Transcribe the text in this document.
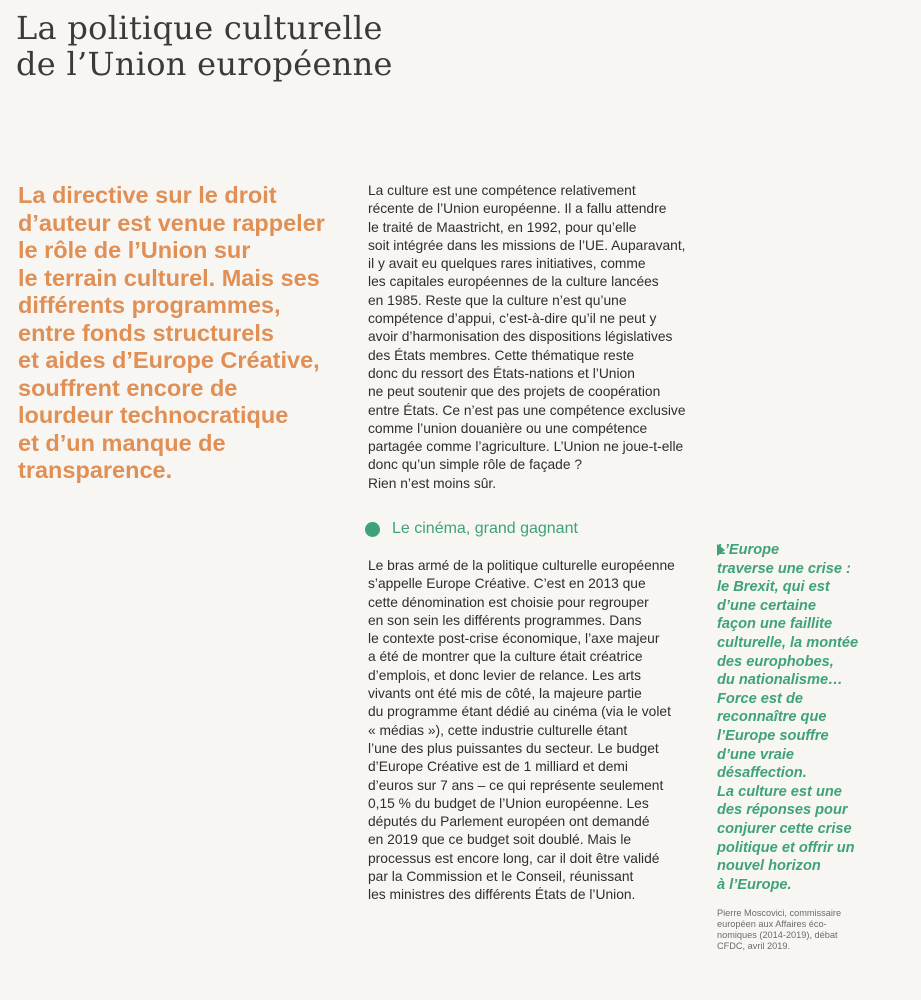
La politique culturelle
de l’Union européenne

La directive sur le droit
d’auteur est venue rappeler
le rôle de l’Union sur
le terrain culturel. Mais ses
différents programmes,
entre fonds structurels
et aides d’Europe Créative,
souffrent encore de
lourdeur technocratique
et d’un manque de
transparence.

La culture est une compétence relativement
récente de l’Union européenne. Il a fallu attendre
le traité de Maastricht, en 1992, pour qu’elle
soit intégrée dans les missions de l’UE. Auparavant,
il y avait eu quelques rares initiatives, comme
les capitales européennes de la culture lancées
en 1985. Reste que la culture n’est qu’une
compétence d’appui, c’est-à-dire qu’il ne peut y
avoir d’harmonisation des dispositions législatives
des États membres. Cette thématique reste
donc du ressort des États-nations et l’Union
ne peut soutenir que des projets de coopération
entre États. Ce n’est pas une compétence exclusive
comme l’union douanière ou une compétence
partagée comme l’agriculture. L’Union ne joue-t-elle
donc qu’un simple rôle de façade ?
Rien n’est moins sûr.

Le cinéma, grand gagnant

Le bras armé de la politique culturelle européenne
s’appelle Europe Créative. C’est en 2013 que
cette dénomination est choisie pour regrouper
en son sein les différents programmes. Dans
le contexte post-crise économique, l’axe majeur
a été de montrer que la culture était créatrice
d’emplois, et donc levier de relance. Les arts
vivants ont été mis de côté, la majeure partie
du programme étant dédié au cinéma (via le volet
« médias »), cette industrie culturelle étant
l’une des plus puissantes du secteur. Le budget
d’Europe Créative est de 1 milliard et demi
d’euros sur 7 ans – ce qui représente seulement
0,15 % du budget de l’Union européenne. Les
députés du Parlement européen ont demandé
en 2019 que ce budget soit doublé. Mais le
processus est encore long, car il doit être validé
par la Commission et le Conseil, réunissant
les ministres des différents États de l’Union.

L’Europe
traverse une crise :
le Brexit, qui est
d’une certaine
façon une faillite
culturelle, la montée
des europhobes,
du nationalisme…
Force est de
reconnaître que
l’Europe souffre
d’une vraie
désaffection.
La culture est une
des réponses pour
conjurer cette crise
politique et offrir un
nouvel horizon
à l’Europe.

Pierre Moscovici, commissaire
européen aux Affaires éco-
nomiques (2014-2019), débat
CFDC, avril 2019.
